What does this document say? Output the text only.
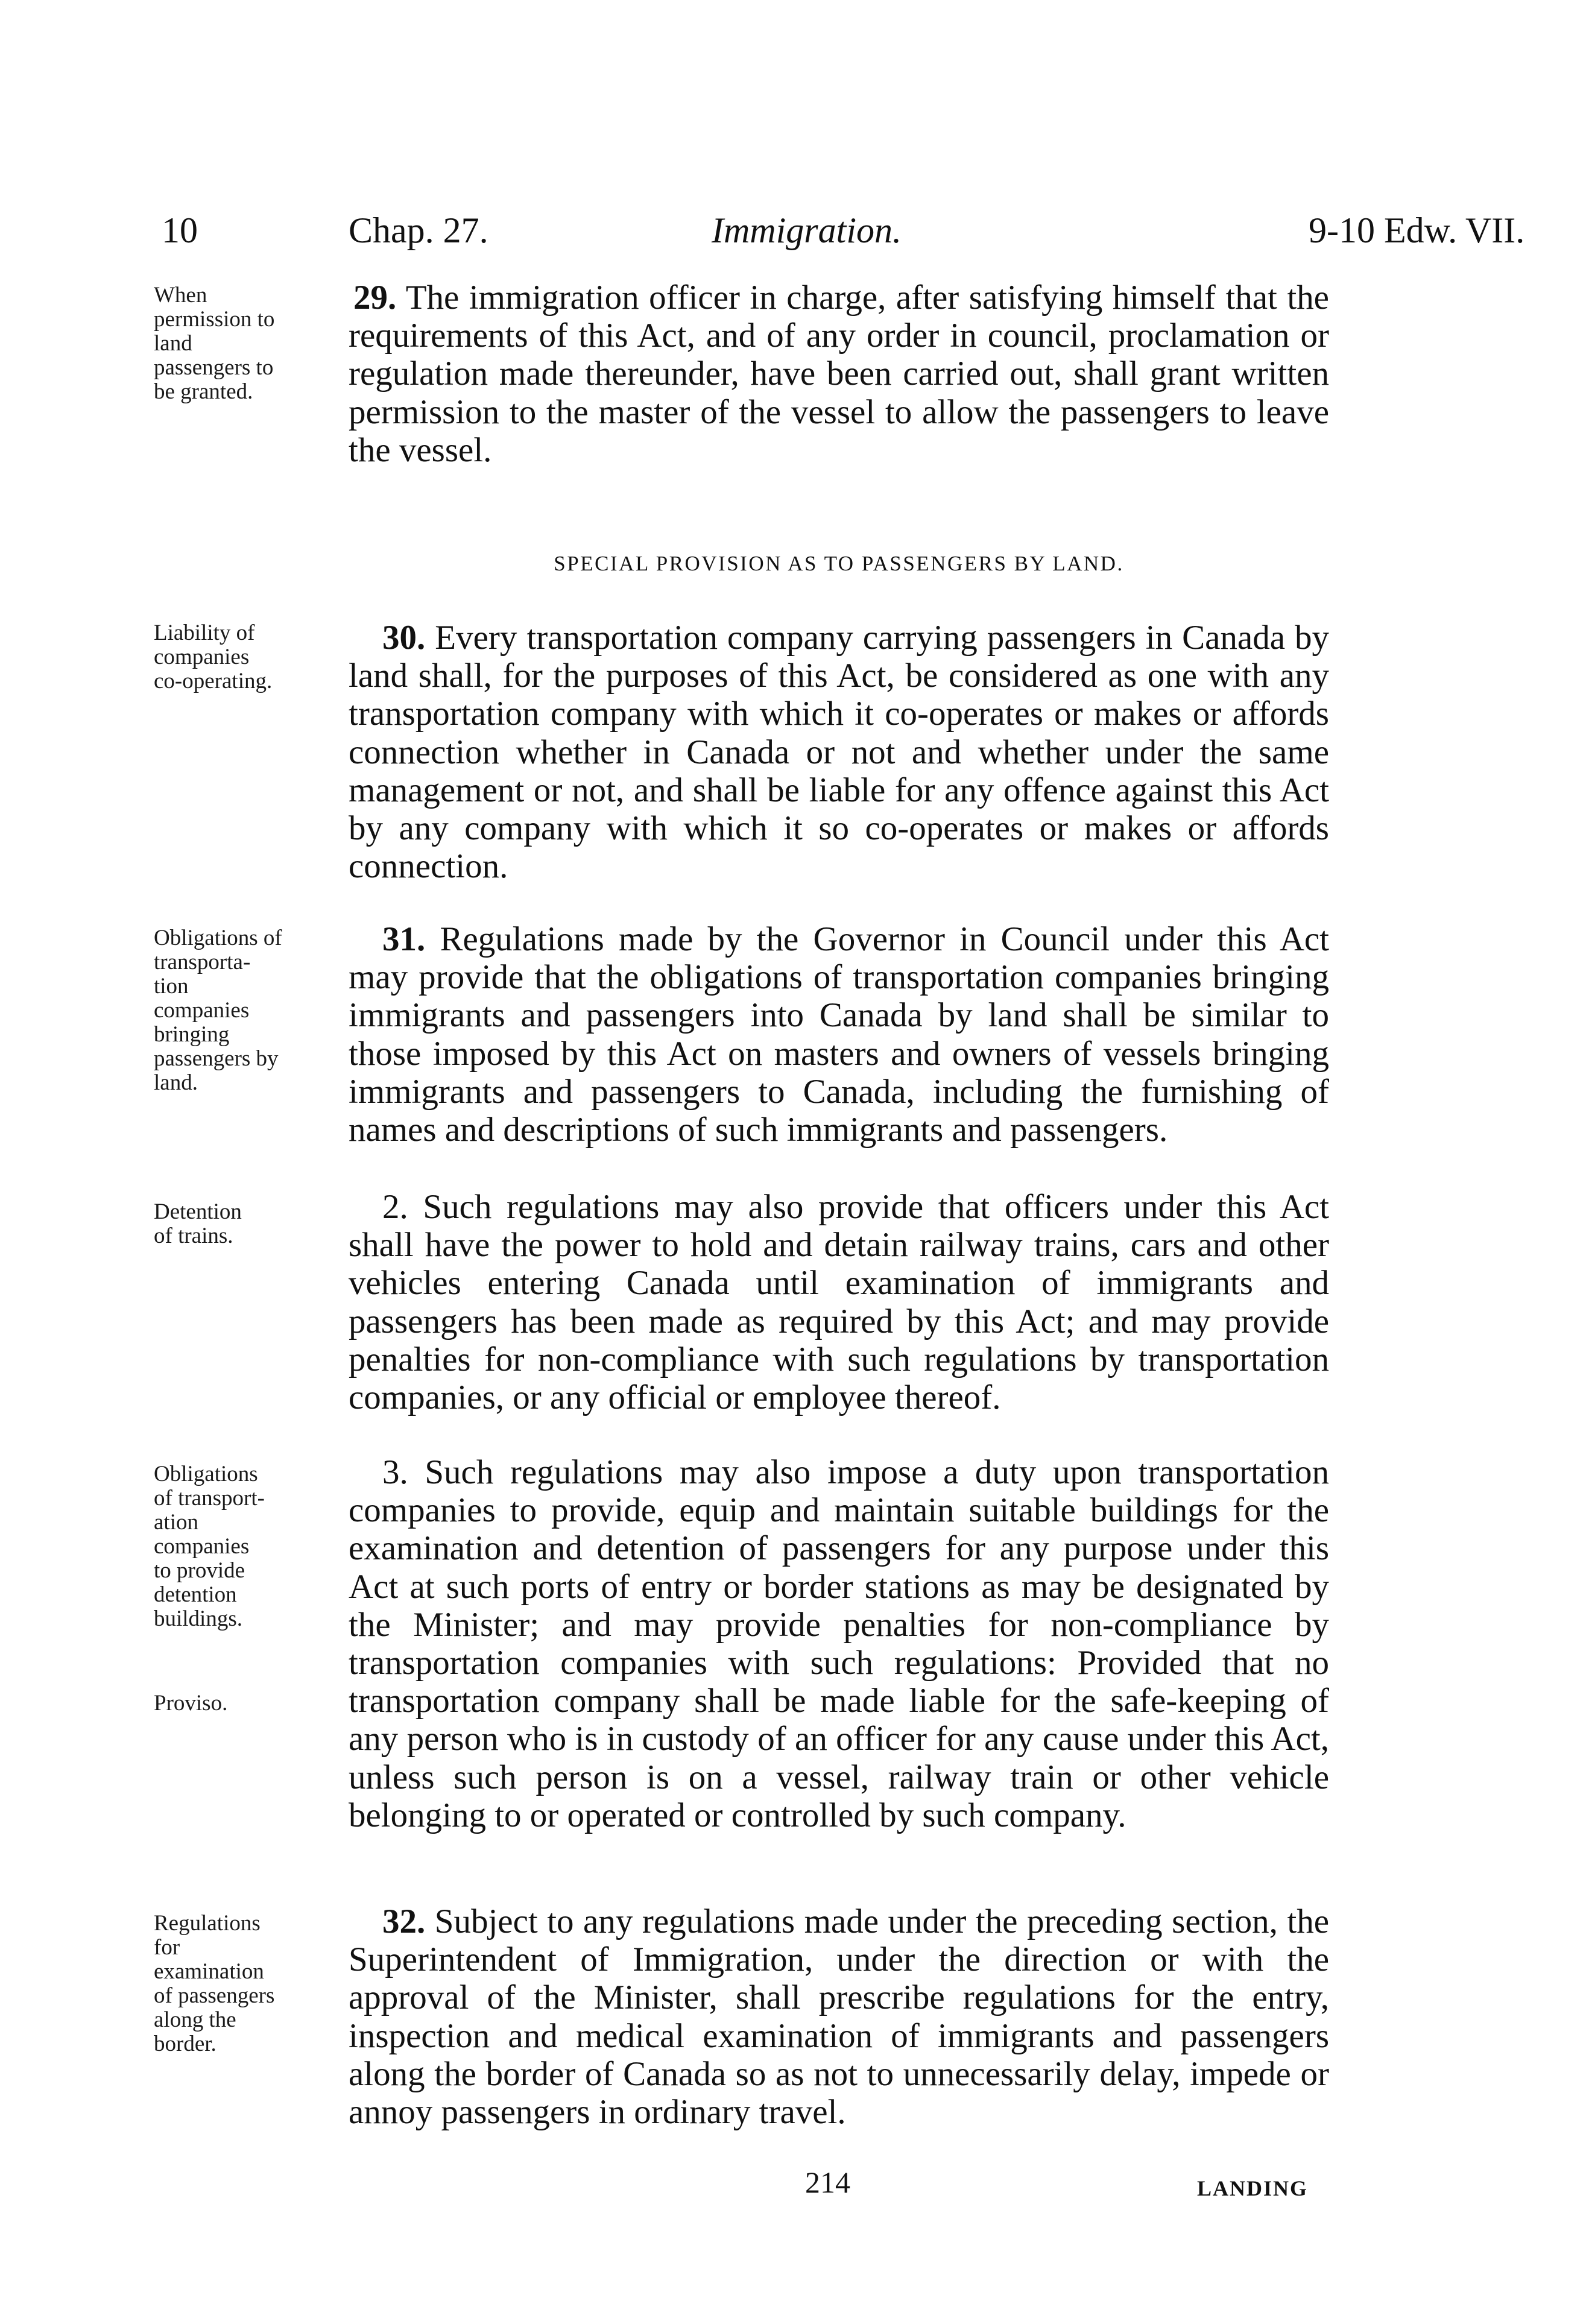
10	Chap. 27.	Immigration.	9-10 Edw. VII.
When
permission to
land
passengers to
be granted.
29. The immigration officer in charge, after satisfying himself that the requirements of this Act, and of any order in council, proclamation or regulation made thereunder, have been carried out, shall grant written permission to the master of the vessel to allow the passengers to leave the vessel.
SPECIAL PROVISION AS TO PASSENGERS BY LAND.
Liability of
companies
co-operating.
30. Every transportation company carrying passengers in Canada by land shall, for the purposes of this Act, be considered as one with any transportation company with which it co-operates or makes or affords connection whether in Canada or not and whether under the same management or not, and shall be liable for any offence against this Act by any company with which it so co-operates or makes or affords connection.
Obligations of
transporta-
tion
companies
bringing
passengers by
land.
31. Regulations made by the Governor in Council under this Act may provide that the obligations of transportation companies bringing immigrants and passengers into Canada by land shall be similar to those imposed by this Act on masters and owners of vessels bringing immigrants and passengers to Canada, including the furnishing of names and descriptions of such immigrants and passengers.
Detention
of trains.
2. Such regulations may also provide that officers under this Act shall have the power to hold and detain railway trains, cars and other vehicles entering Canada until examination of immigrants and passengers has been made as required by this Act; and may provide penalties for non-compliance with such regulations by transportation companies, or any official or employee thereof.
Obligations
of transport-
ation
companies
to provide
detention
buildings.
Proviso.
3. Such regulations may also impose a duty upon transportation companies to provide, equip and maintain suitable buildings for the examination and detention of passengers for any purpose under this Act at such ports of entry or border stations as may be designated by the Minister; and may provide penalties for non-compliance by transportation companies with such regulations: Provided that no transportation company shall be made liable for the safe-keeping of any person who is in custody of an officer for any cause under this Act, unless such person is on a vessel, railway train or other vehicle belonging to or operated or controlled by such company.
Regulations
for
examination
of passengers
along the
border.
32. Subject to any regulations made under the preceding section, the Superintendent of Immigration, under the direction or with the approval of the Minister, shall prescribe regulations for the entry, inspection and medical examination of immigrants and passengers along the border of Canada so as not to unnecessarily delay, impede or annoy passengers in ordinary travel.
214	LANDING
